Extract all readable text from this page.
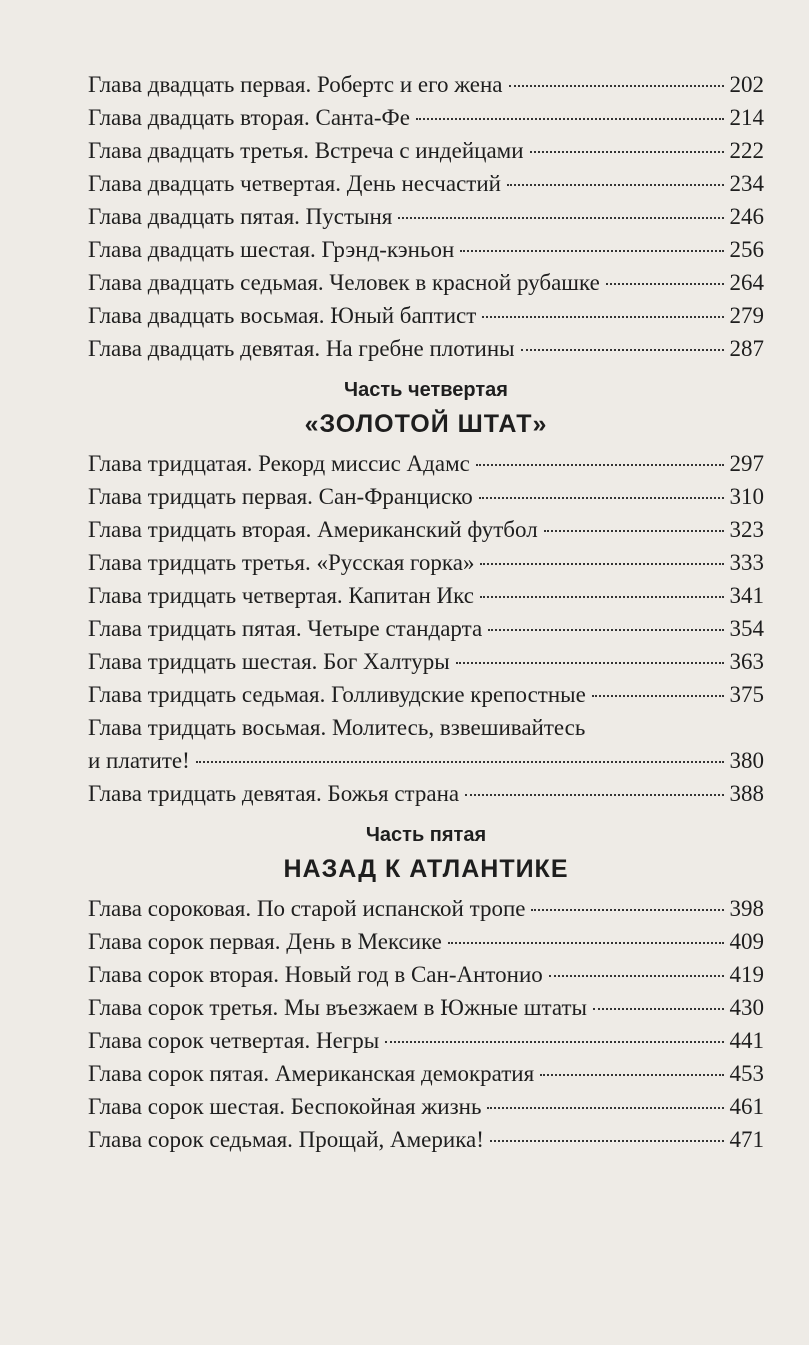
Глава двадцать первая. Робертс и его жена	202
Глава двадцать вторая. Санта-Фе	214
Глава двадцать третья. Встреча с индейцами	222
Глава двадцать четвертая. День несчастий	234
Глава двадцать пятая. Пустыня	246
Глава двадцать шестая. Грэнд-кэньон	256
Глава двадцать седьмая. Человек в красной рубашке	264
Глава двадцать восьмая. Юный баптист	279
Глава двадцать девятая. На гребне плотины	287
Часть четвертая
«ЗОЛОТОЙ ШТАТ»
Глава тридцатая. Рекорд миссис Адамс	297
Глава тридцать первая. Сан-Франциско	310
Глава тридцать вторая. Американский футбол	323
Глава тридцать третья. «Русская горка»	333
Глава тридцать четвертая. Капитан Икс	341
Глава тридцать пятая. Четыре стандарта	354
Глава тридцать шестая. Бог Халтуры	363
Глава тридцать седьмая. Голливудские крепостные	375
Глава тридцать восьмая. Молитесь, взвешивайтесь
и платите!	380
Глава тридцать девятая. Божья страна	388
Часть пятая
НАЗАД К АТЛАНТИКЕ
Глава сороковая. По старой испанской тропе	398
Глава сорок первая. День в Мексике	409
Глава сорок вторая. Новый год в Сан-Антонио	419
Глава сорок третья. Мы въезжаем в Южные штаты	430
Глава сорок четвертая. Негры	441
Глава сорок пятая. Американская демократия	453
Глава сорок шестая. Беспокойная жизнь	461
Глава сорок седьмая. Прощай, Америка!	471
